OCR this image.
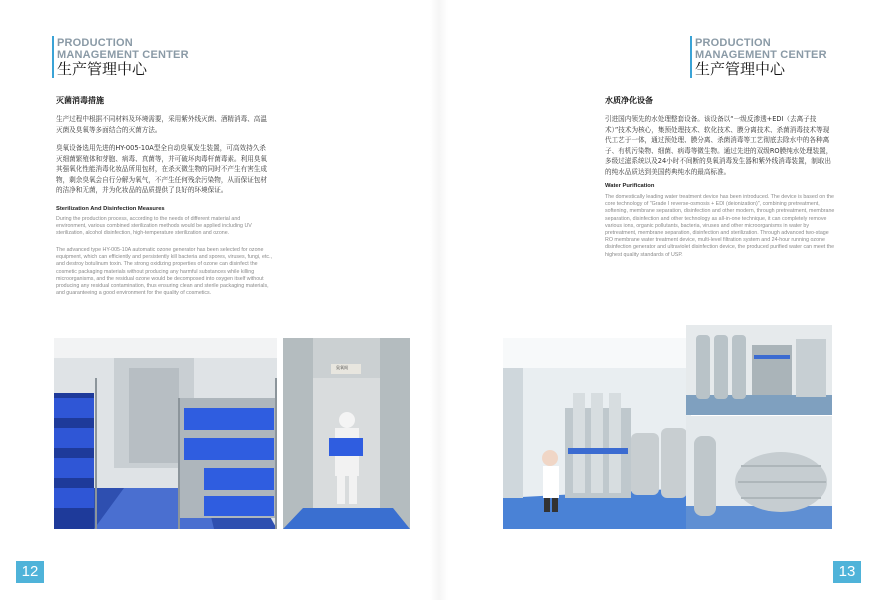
PRODUCTION
MANAGEMENT CENTER
生产管理中心
灭菌消毒措施
生产过程中根据不同材料及环境需要，采用紫外线灭菌、酒精消毒、高温灭菌及臭氧等多面结合的灭菌方法。
臭氧设备选用先进的HY-005-10A型全自动臭氧发生装置，可高效持久杀灭细菌繁殖体和芽胞、病毒、真菌等，并可破坏肉毒杆菌毒素。利用臭氧其强氧化性能消毒化妆品所用包材，在杀灭微生物的同时不产生有害生成物，剩余臭氧会自行分解为氧气，不产生任何残余污染物，从而保证包材的洁净和无菌，并为化妆品的品质提供了良好的环境保证。
Sterilization And Disinfection Measures
During the production process, according to the needs of different material and environment, various combined sterilization methods would be applied including UV sterilization, alcohol disinfection, high-temperature sterilization and ozone.
The advanced type HY-005-10A automatic ozone generator has been selected for ozone equipment, which can efficiently and persistently kill bacteria and spores, viruses, fungi, etc., and destroy botulinum toxin. The strong oxidizing properties of ozone can disinfect the cosmetic packaging materials without producing any harmful substances while killing microorganisms, and the residual ozone would be decomposed into oxygen itself without producing any residual contamination, thus ensuring clean and sterile packaging materials, and guaranteeing a good environment for the quality of cosmetics.
臭氧间
12
PRODUCTION
MANAGEMENT CENTER
生产管理中心
水质净化设备
引进国内领先的水处理整套设备。该设备以“一级反渗透+EDI（去离子技术）”技术为核心，集预处理技术、软化技术、膜分离技术、杀菌消毒技术等现代工艺于一体，通过预处理、膜分离、杀菌消毒等工艺彻底去除水中的各种离子、有机污染物、细菌、病毒等微生物。通过先进的双级RO膜纯水处理装置，多级过滤系统以及24小时不间断的臭氧消毒发生器和紫外线消毒装置，制取出的纯水品质达到美国药典纯水的最高标准。
Water Purification
The domestically leading water treatment device has been introduced. The device is based on the core technology of "Grade I reverse-osmosis + EDI (deionization)", combining pretreatment, softening, membrane separation, disinfection and other modern, through pretreatment, membrane separation, disinfection and other technology as all-in-one technique, it can completely remove various ions, organic pollutants, bacteria, viruses and other microorganisms in water by pretreatment, membrane separation, disinfection and sterilization. Through advanced two-stage RO membrane water treatment device, multi-level filtration system and 24-hour running ozone disinfection generator and ultraviolet disinfection device, the produced purified water can meet the highest quality standards of USP.
13
